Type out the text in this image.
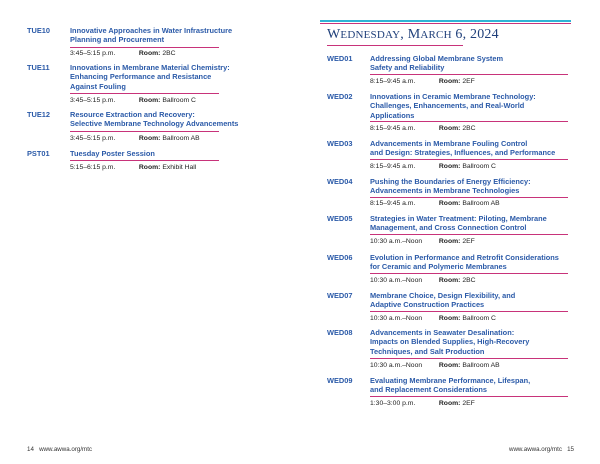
TUE10	Innovative Approaches in Water Infrastructure
Planning and Procurement
3:45–5:15 p.m.	Room: 2BC
TUE11	Innovations in Membrane Material Chemistry:
Enhancing Performance and Resistance
Against Fouling
3:45–5:15 p.m.	Room: Ballroom C
TUE12	Resource Extraction and Recovery:
Selective Membrane Technology Advancements
3:45–5:15 p.m.	Room: Ballroom AB
PST01	Tuesday Poster Session
5:15–6:15 p.m.	Room: Exhibit Hall
14 www.awwa.org/mtc
WEDNESDAY, MARCH 6, 2024
WED01 Addressing Global Membrane System
Safety and Reliability
8:15–9:45 a.m.	Room: 2EF
WED02 Innovations in Ceramic Membrane Technology:
Challenges, Enhancements, and Real-World
Applications
8:15–9:45 a.m.	Room: 2BC
WED03 Advancements in Membrane Fouling Control
and Design: Strategies, Influences, and Performance
8:15–9:45 a.m.	Room: Ballroom C
WED04 Pushing the Boundaries of Energy Efficiency:
Advancements in Membrane Technologies
8:15–9:45 a.m.	Room: Ballroom AB
WED05 Strategies in Water Treatment: Piloting, Membrane
Management, and Cross Connection Control
10:30 a.m.–Noon Room: 2EF
WED06 Evolution in Performance and Retrofit Considerations
for Ceramic and Polymeric Membranes
10:30 a.m.–Noon Room: 2BC
WED07 Membrane Choice, Design Flexibility, and
Adaptive Construction Practices
10:30 a.m.–Noon Room: Ballroom C
WED08 Advancements in Seawater Desalination:
Impacts on Blended Supplies, High-Recovery
Techniques, and Salt Production
10:30 a.m.–Noon Room: Ballroom AB
WED09 Evaluating Membrane Performance, Lifespan,
and Replacement Considerations
1:30–3:00 p.m.	Room: 2EF
www.awwa.org/mtc 15
